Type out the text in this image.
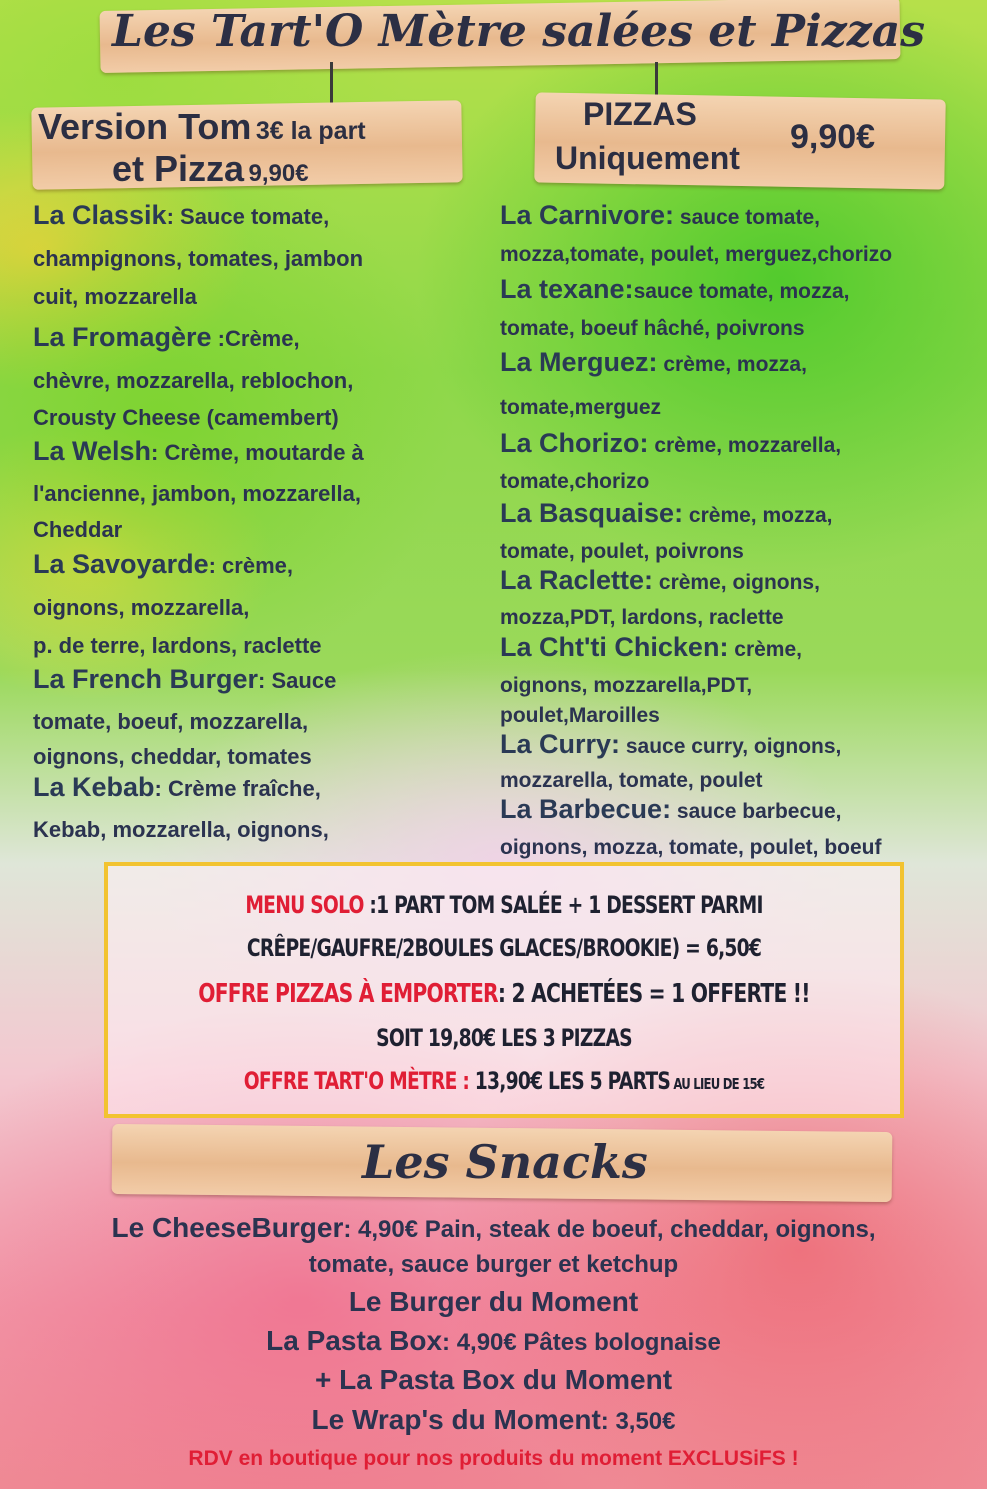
Les Tart'O Mètre salées et Pizzas
Version Tom 3€ la part
et Pizza 9,90€
PIZZAS
Uniquement
9,90€
La Classik: Sauce tomate,
champignons, tomates, jambon
cuit, mozzarella
La Fromagère :Crème,
chèvre, mozzarella, reblochon,
Crousty Cheese (camembert)
La Welsh: Crème, moutarde à
l'ancienne, jambon, mozzarella,
Cheddar
La Savoyarde: crème,
oignons, mozzarella,
p. de terre, lardons, raclette
La French Burger: Sauce
tomate, boeuf, mozzarella,
oignons, cheddar, tomates
La Kebab: Crème fraîche,
Kebab, mozzarella, oignons,
La Carnivore: sauce tomate,
mozza,tomate, poulet, merguez,chorizo
La texane:sauce tomate, mozza,
tomate, boeuf hâché, poivrons
La Merguez: crème, mozza,
tomate,merguez
La Chorizo: crème, mozzarella,
tomate,chorizo
La Basquaise: crème, mozza,
tomate, poulet, poivrons
La Raclette: crème, oignons,
mozza,PDT, lardons, raclette
La Cht'ti Chicken: crème,
oignons, mozzarella,PDT,
poulet,Maroilles
La Curry: sauce curry, oignons,
mozzarella, tomate, poulet
La Barbecue: sauce barbecue,
oignons, mozza, tomate, poulet, boeuf
MENU SOLO :1 PART TOM SALÉE + 1 DESSERT PARMI
CRÊPE/GAUFRE/2BOULES GLACES/BROOKIE) = 6,50€
OFFRE PIZZAS À EMPORTER: 2 ACHETÉES = 1 OFFERTE !!
SOIT 19,80€ LES 3 PIZZAS
OFFRE TART'O MÈTRE : 13,90€ LES 5 PARTS AU LIEU DE 15€
Les Snacks
Le CheeseBurger: 4,90€ Pain, steak de boeuf, cheddar, oignons,
tomate, sauce burger et ketchup
Le Burger du Moment
La Pasta Box: 4,90€ Pâtes bolognaise
+ La Pasta Box du Moment
Le Wrap's du Moment: 3,50€
RDV en boutique pour nos produits du moment EXCLUSiFS !
